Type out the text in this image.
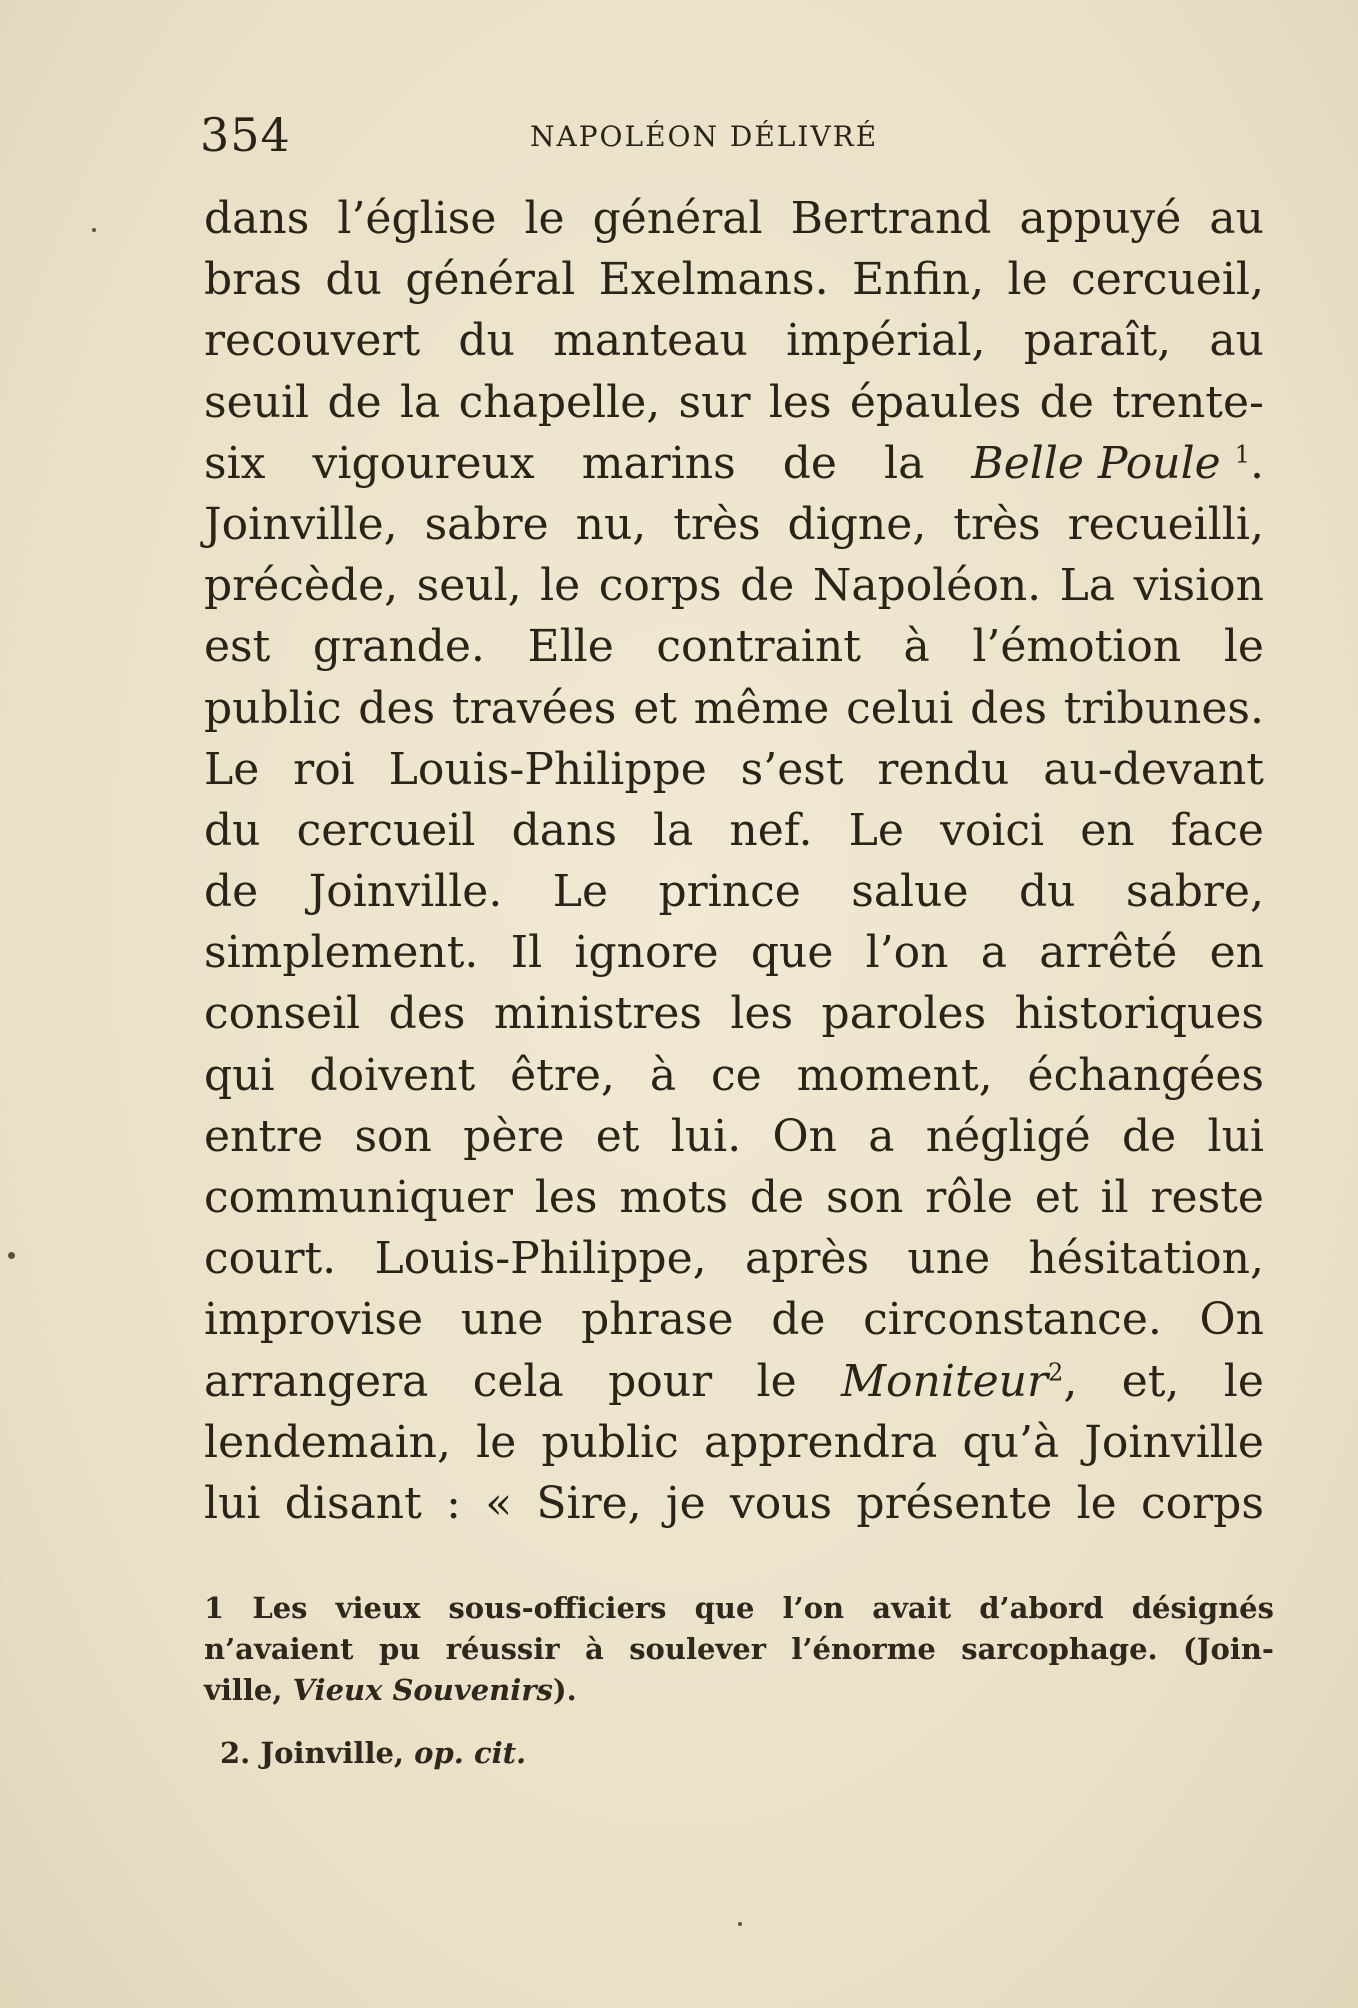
354	NAPOLÉON DÉLIVRÉ
dans l’église le général Bertrand appuyé au
bras du général Exelmans. Enfin, le cercueil,
recouvert du manteau impérial, paraît, au
seuil de la chapelle, sur les épaules de trente-
six vigoureux marins de la Belle Poule $^1$.
Joinville, sabre nu, très digne, très recueilli,
précède, seul, le corps de Napoléon. La vision
est grande. Elle contraint à l’émotion le
public des travées et même celui des tribunes.
Le roi Louis-Philippe s’est rendu au-devant
du cercueil dans la nef. Le voici en face
de Joinville. Le prince salue du sabre,
simplement. Il ignore que l’on a arrêté en
conseil des ministres les paroles historiques
qui doivent être, à ce moment, échangées
entre son père et lui. On a négligé de lui
communiquer les mots de son rôle et il reste
court. Louis-Philippe, après une hésitation,
improvise une phrase de circonstance. On
arrangera cela pour le Moniteur$^2$, et, le
lendemain, le public apprendra qu’à Joinville
lui disant : « Sire, je vous présente le corps
1 Les vieux sous-officiers que l’on avait d’abord désignés
n’avaient pu réussir à soulever l’énorme sarcophage. (Join-
ville,
Vieux Souvenirs ).
2.
Joinville,
op. cit.
